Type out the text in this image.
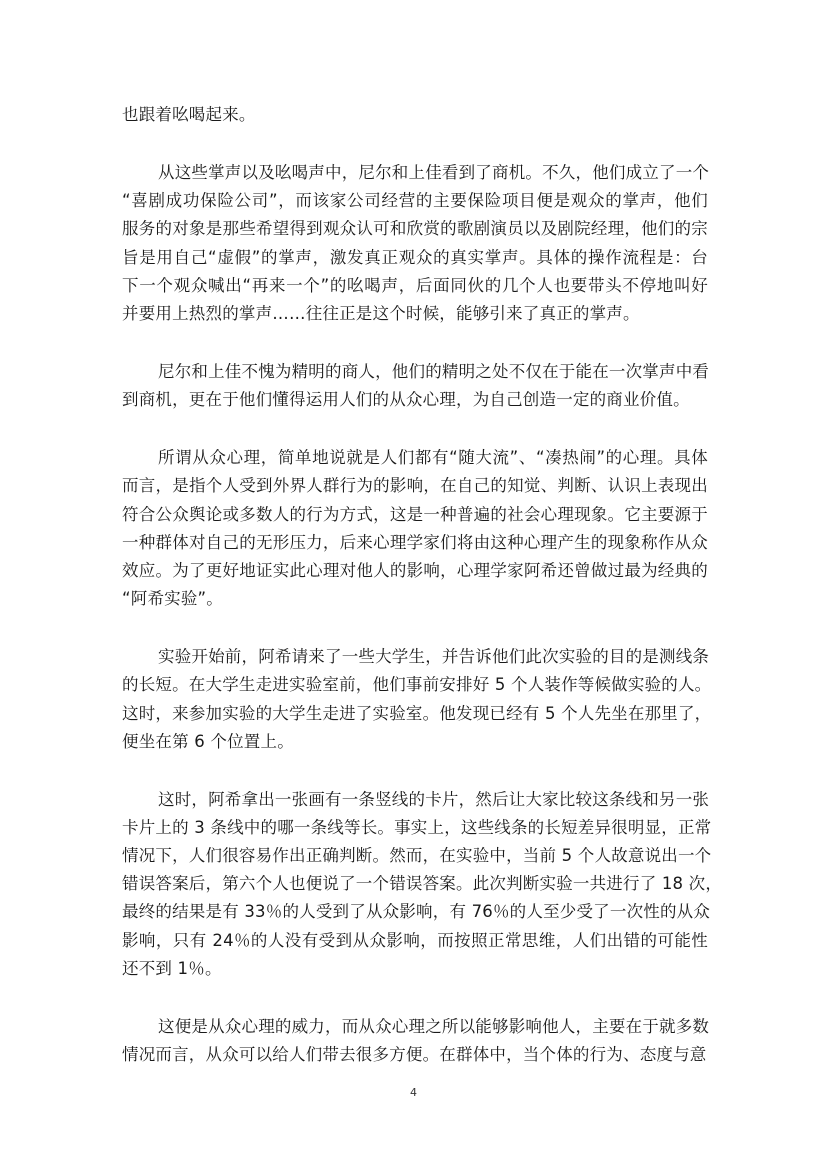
也跟着吆喝起来。
从这些掌声以及吆喝声中，尼尔和上佳看到了商机。不久，他们成立了一个
“喜剧成功保险公司”，而该家公司经营的主要保险项目便是观众的掌声，他们
服务的对象是那些希望得到观众认可和欣赏的歌剧演员以及剧院经理，他们的宗
旨是用自己“虚假”的掌声，激发真正观众的真实掌声。具体的操作流程是：台
下一个观众喊出“再来一个”的吆喝声，后面同伙的几个人也要带头不停地叫好
并要用上热烈的掌声……往往正是这个时候，能够引来了真正的掌声。
尼尔和上佳不愧为精明的商人，他们的精明之处不仅在于能在一次掌声中看
到商机，更在于他们懂得运用人们的从众心理，为自己创造一定的商业价值。
所谓从众心理，简单地说就是人们都有“随大流”、“凑热闹”的心理。具体
而言，是指个人受到外界人群行为的影响，在自己的知觉、判断、认识上表现出
符合公众舆论或多数人的行为方式，这是一种普遍的社会心理现象。它主要源于
一种群体对自己的无形压力，后来心理学家们将由这种心理产生的现象称作从众
效应。为了更好地证实此心理对他人的影响，心理学家阿希还曾做过最为经典的
“阿希实验”。
实验开始前，阿希请来了一些大学生，并告诉他们此次实验的目的是测线条
的长短。在大学生走进实验室前，他们事前安排好 5 个人装作等候做实验的人。
这时，来参加实验的大学生走进了实验室。他发现已经有 5 个人先坐在那里了，
便坐在第 6 个位置上。
这时，阿希拿出一张画有一条竖线的卡片，然后让大家比较这条线和另一张
卡片上的 3 条线中的哪一条线等长。事实上，这些线条的长短差异很明显，正常
情况下，人们很容易作出正确判断。然而，在实验中，当前 5 个人故意说出一个
错误答案后，第六个人也便说了一个错误答案。此次判断实验一共进行了 18 次，
最终的结果是有 33％的人受到了从众影响，有 76％的人至少受了一次性的从众
影响，只有 24％的人没有受到从众影响，而按照正常思维，人们出错的可能性
还不到 1％。
这便是从众心理的威力，而从众心理之所以能够影响他人，主要在于就多数
4
情况而言，从众可以给人们带去很多方便。在群体中，当个体的行为、态度与意
